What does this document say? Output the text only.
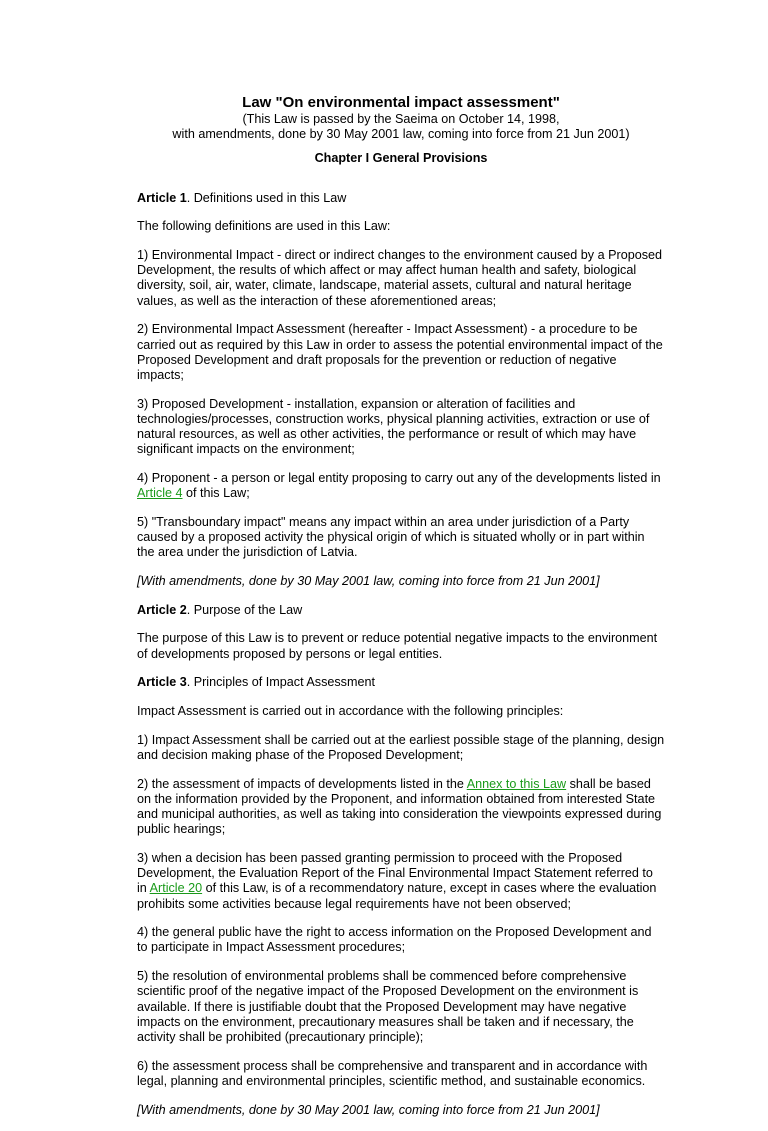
Law "On environmental impact assessment"
(This Law is passed by the Saeima on October 14, 1998,
with amendments, done by 30 May 2001 law, coming into force from 21 Jun 2001)
Chapter I General Provisions

Article 1. Definitions used in this Law

The following definitions are used in this Law:

1) Environmental Impact - direct or indirect changes to the environment caused by a Proposed Development, the results of which affect or may affect human health and safety, biological diversity, soil, air, water, climate, landscape, material assets, cultural and natural heritage values, as well as the interaction of these aforementioned areas;

2) Environmental Impact Assessment (hereafter - Impact Assessment) - a procedure to be carried out as required by this Law in order to assess the potential environmental impact of the Proposed Development and draft proposals for the prevention or reduction of negative impacts;

3) Proposed Development - installation, expansion or alteration of facilities and technologies/processes, construction works, physical planning activities, extraction or use of natural resources, as well as other activities, the performance or result of which may have significant impacts on the environment;

4) Proponent - a person or legal entity proposing to carry out any of the developments listed in Article 4 of this Law;

5) "Transboundary impact" means any impact within an area under jurisdiction of a Party caused by a proposed activity the physical origin of which is situated wholly or in part within the area under the jurisdiction of Latvia.

[With amendments, done by 30 May 2001 law, coming into force from 21 Jun 2001]

Article 2. Purpose of the Law

The purpose of this Law is to prevent or reduce potential negative impacts to the environment of developments proposed by persons or legal entities.

Article 3. Principles of Impact Assessment

Impact Assessment is carried out in accordance with the following principles:

1) Impact Assessment shall be carried out at the earliest possible stage of the planning, design and decision making phase of the Proposed Development;

2) the assessment of impacts of developments listed in the Annex to this Law shall be based on the information provided by the Proponent, and information obtained from interested State and municipal authorities, as well as taking into consideration the viewpoints expressed during public hearings;

3) when a decision has been passed granting permission to proceed with the Proposed Development, the Evaluation Report of the Final Environmental Impact Statement referred to in Article 20 of this Law, is of a recommendatory nature, except in cases where the evaluation prohibits some activities because legal requirements have not been observed;

4) the general public have the right to access information on the Proposed Development and to participate in Impact Assessment procedures;

5) the resolution of environmental problems shall be commenced before comprehensive scientific proof of the negative impact of the Proposed Development on the environment is available. If there is justifiable doubt that the Proposed Development may have negative impacts on the environment, precautionary measures shall be taken and if necessary, the activity shall be prohibited (precautionary principle);

6) the assessment process shall be comprehensive and transparent and in accordance with legal, planning and environmental principles, scientific method, and sustainable economics.

[With amendments, done by 30 May 2001 law, coming into force from 21 Jun 2001]
